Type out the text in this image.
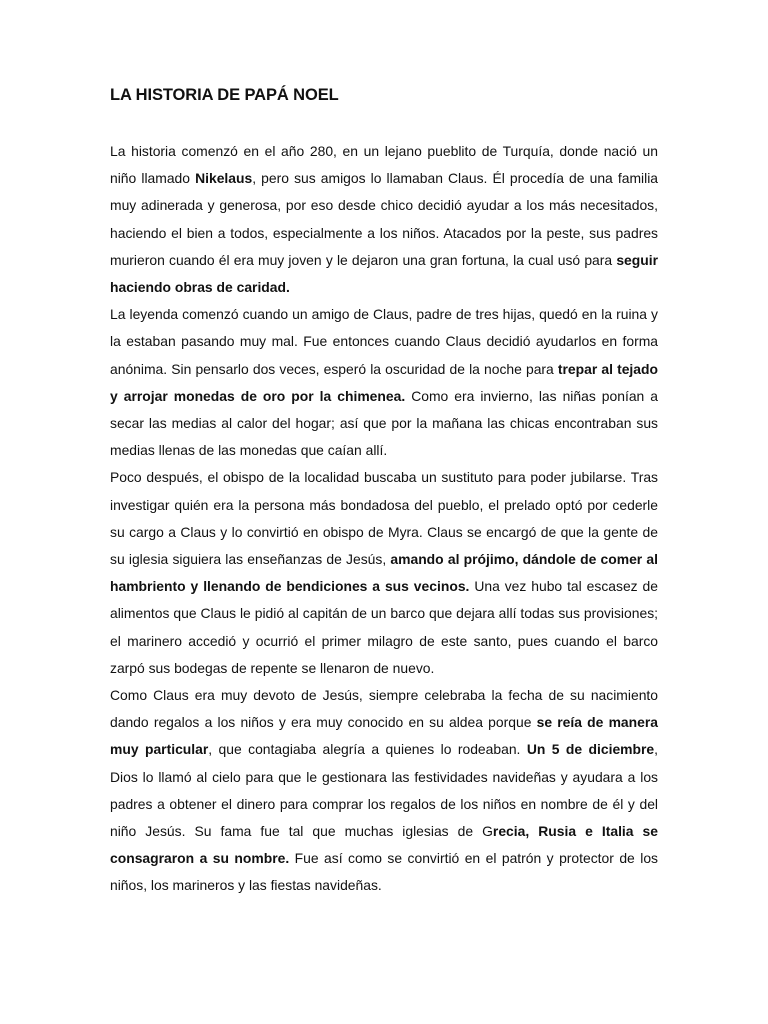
LA HISTORIA DE PAPÁ NOEL

La historia comenzó en el año 280, en un lejano pueblito de Turquía, donde nació un niño llamado Nikelaus, pero sus amigos lo llamaban Claus. Él procedía de una familia muy adinerada y generosa, por eso desde chico decidió ayudar a los más necesitados, haciendo el bien a todos, especialmente a los niños. Atacados por la peste, sus padres murieron cuando él era muy joven y le dejaron una gran fortuna, la cual usó para seguir haciendo obras de caridad.

La leyenda comenzó cuando un amigo de Claus, padre de tres hijas, quedó en la ruina y la estaban pasando muy mal. Fue entonces cuando Claus decidió ayudarlos en forma anónima. Sin pensarlo dos veces, esperó la oscuridad de la noche para trepar al tejado y arrojar monedas de oro por la chimenea. Como era invierno, las niñas ponían a secar las medias al calor del hogar; así que por la mañana las chicas encontraban sus medias llenas de las monedas que caían allí.

Poco después, el obispo de la localidad buscaba un sustituto para poder jubilarse. Tras investigar quién era la persona más bondadosa del pueblo, el prelado optó por cederle su cargo a Claus y lo convirtió en obispo de Myra. Claus se encargó de que la gente de su iglesia siguiera las enseñanzas de Jesús, amando al prójimo, dándole de comer al hambriento y llenando de bendiciones a sus vecinos. Una vez hubo tal escasez de alimentos que Claus le pidió al capitán de un barco que dejara allí todas sus provisiones; el marinero accedió y ocurrió el primer milagro de este santo, pues cuando el barco zarpó sus bodegas de repente se llenaron de nuevo.

Como Claus era muy devoto de Jesús, siempre celebraba la fecha de su nacimiento dando regalos a los niños y era muy conocido en su aldea porque se reía de manera muy particular, que contagiaba alegría a quienes lo rodeaban. Un 5 de diciembre, Dios lo llamó al cielo para que le gestionara las festividades navideñas y ayudara a los padres a obtener el dinero para comprar los regalos de los niños en nombre de él y del niño Jesús. Su fama fue tal que muchas iglesias de Grecia, Rusia e Italia se consagraron a su nombre. Fue así como se convirtió en el patrón y protector de los niños, los marineros y las fiestas navideñas.
